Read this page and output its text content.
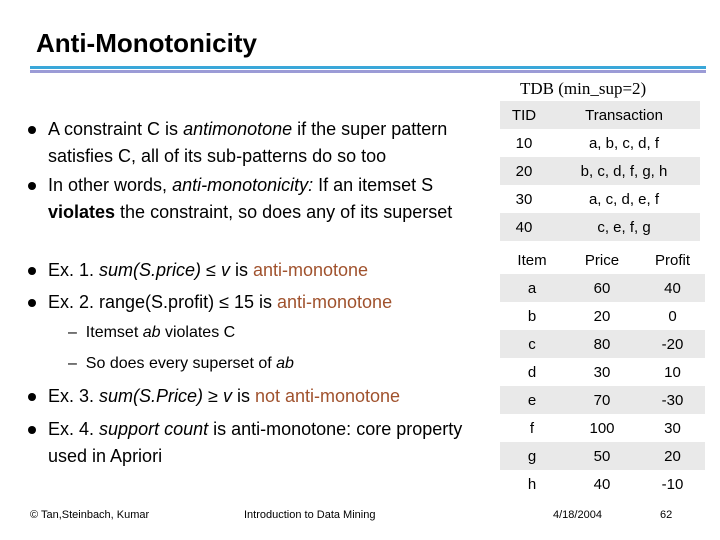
Anti-Monotonicity
TDB (min_sup=2)
A constraint C is antimonotone if the super pattern satisfies C, all of its sub-patterns do so too
In other words, anti-monotonicity: If an itemset S violates the constraint, so does any of its superset
Ex. 1. sum(S.price) ≤ v is anti-monotone
Ex. 2. range(S.profit) ≤ 15 is anti-monotone
– Itemset ab violates C
– So does every superset of ab
Ex. 3. sum(S.Price) ≥ v is not anti-monotone
Ex. 4. support count is anti-monotone: core property used in Apriori
TID	Transaction
10	a, b, c, d, f
20	b, c, d, f, g, h
30	a, c, d, e, f
40	c, e, f, g
Item	Price	Profit
a	60	40
b	20	0
c	80	-20
d	30	10
e	70	-30
f	100	30
g	50	20
h	40	-10
© Tan,Steinbach, Kumar	Introduction to Data Mining	4/18/2004	62
